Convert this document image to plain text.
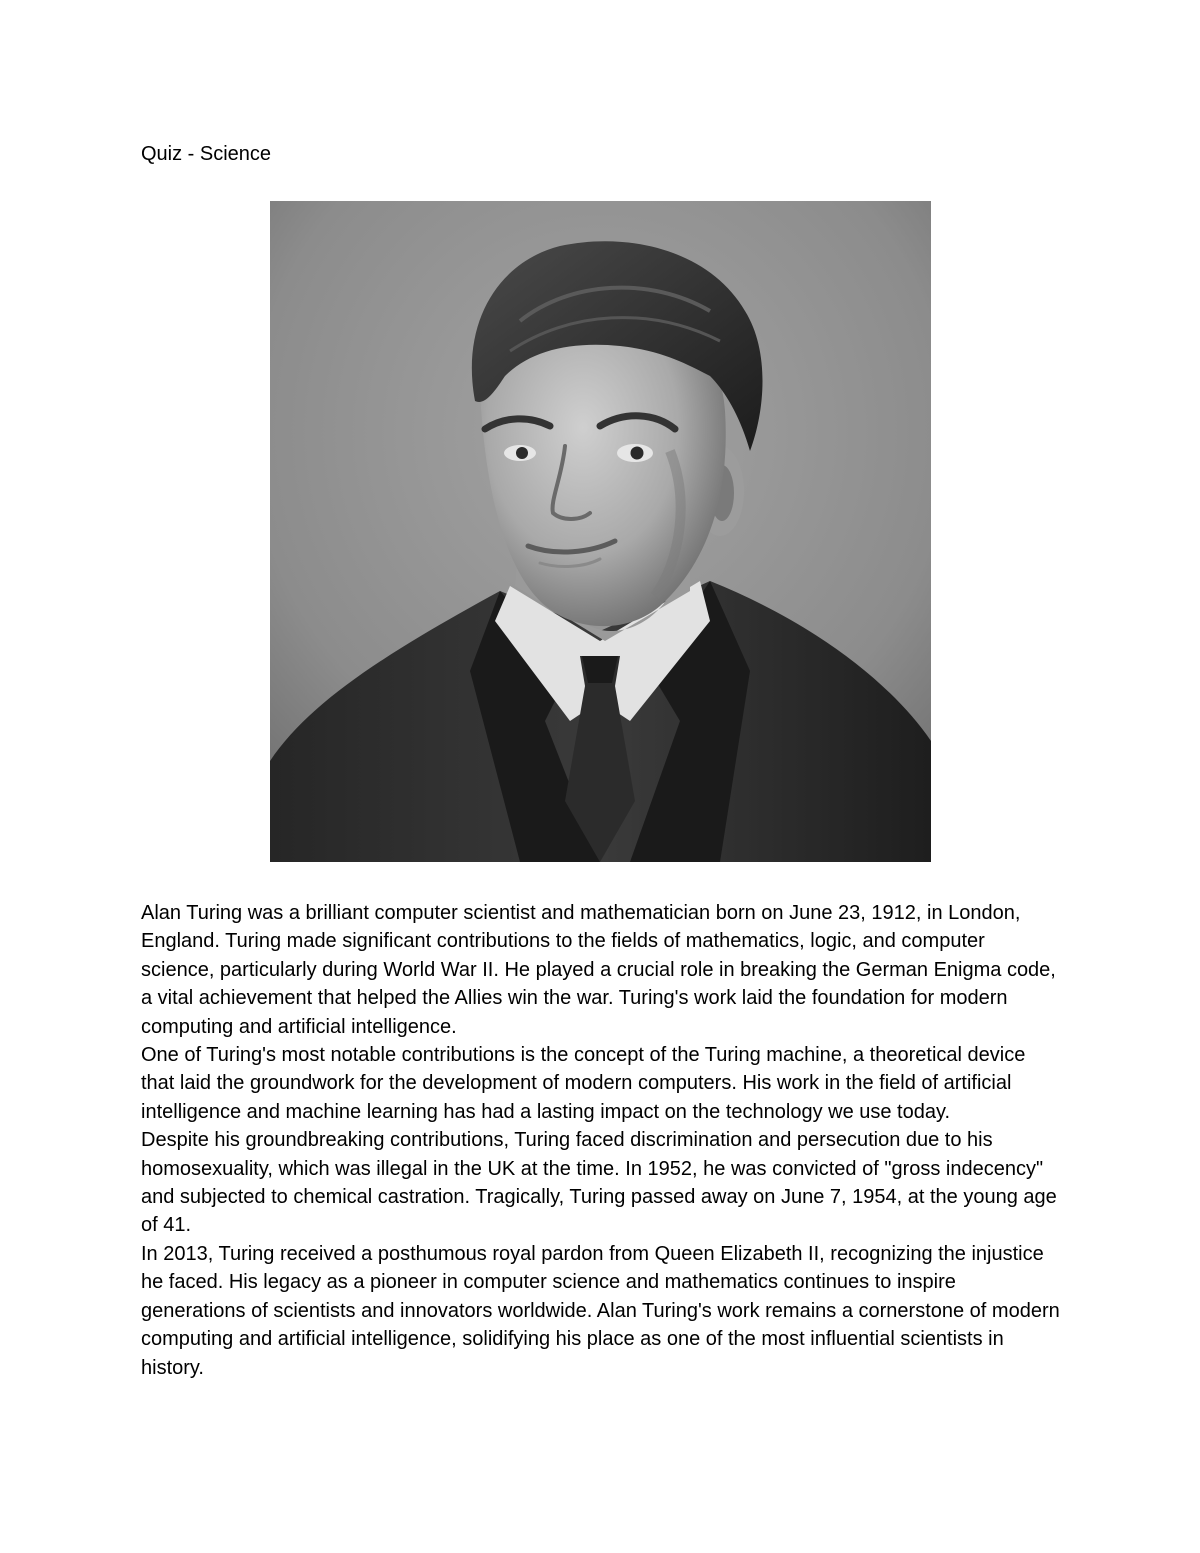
Quiz - Science

Alan Turing was a brilliant computer scientist and mathematician born on June 23, 1912, in London, England. Turing made significant contributions to the fields of mathematics, logic, and computer science, particularly during World War II. He played a crucial role in breaking the German Enigma code, a vital achievement that helped the Allies win the war. Turing's work laid the foundation for modern computing and artificial intelligence.

One of Turing's most notable contributions is the concept of the Turing machine, a theoretical device that laid the groundwork for the development of modern computers. His work in the field of artificial intelligence and machine learning has had a lasting impact on the technology we use today.

Despite his groundbreaking contributions, Turing faced discrimination and persecution due to his homosexuality, which was illegal in the UK at the time. In 1952, he was convicted of "gross indecency" and subjected to chemical castration. Tragically, Turing passed away on June 7, 1954, at the young age of 41.

In 2013, Turing received a posthumous royal pardon from Queen Elizabeth II, recognizing the injustice he faced. His legacy as a pioneer in computer science and mathematics continues to inspire generations of scientists and innovators worldwide. Alan Turing's work remains a cornerstone of modern computing and artificial intelligence, solidifying his place as one of the most influential scientists in history.
